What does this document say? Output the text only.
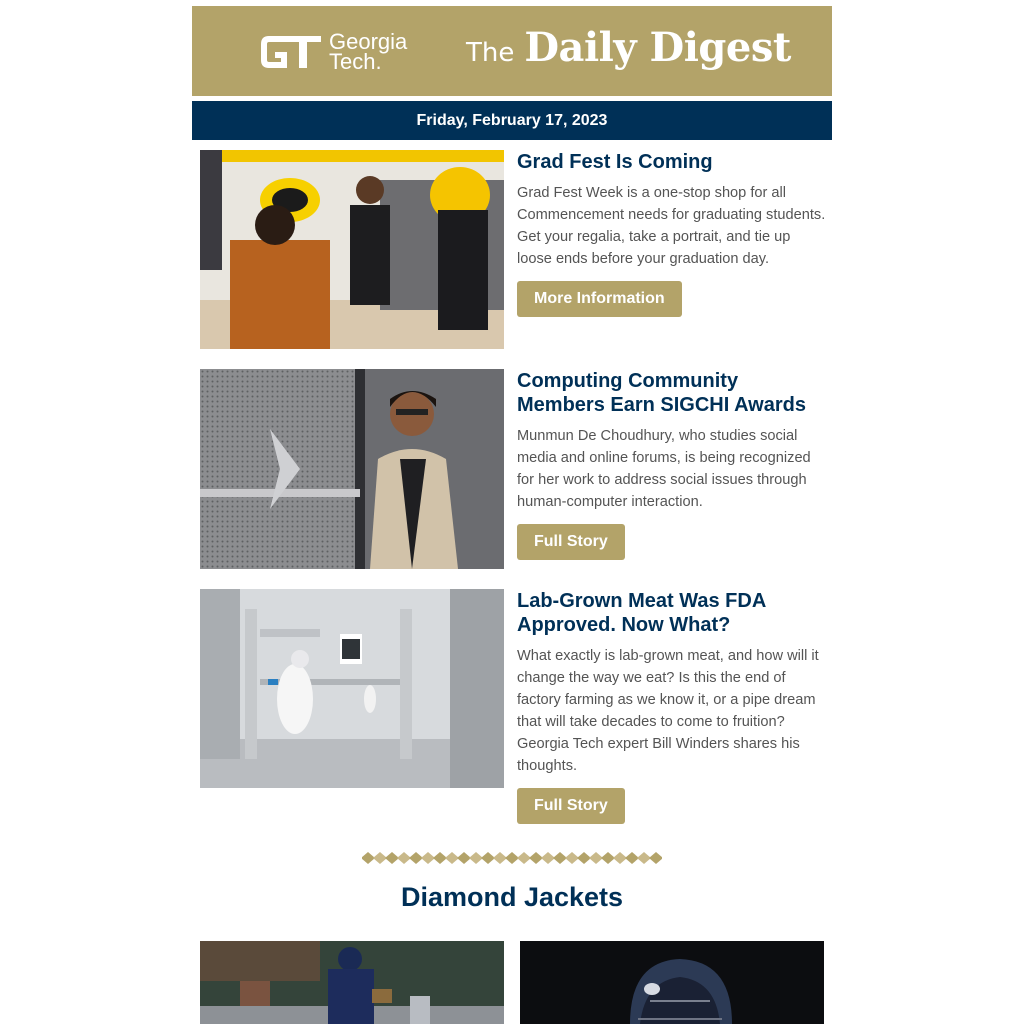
Georgia
Tech.	The Daily Digest
Friday, February 17, 2023
Grad Fest Is Coming

Grad Fest Week is a one-stop shop for all Commencement needs for graduating students. Get your regalia, take a portrait, and tie up loose ends before your graduation day.

More Information
Computing Community Members Earn SIGCHI Awards

Munmun De Choudhury, who studies social media and online forums, is being recognized for her work to address social issues through human-computer interaction.

Full Story
Lab-Grown Meat Was FDA Approved. Now What?

What exactly is lab-grown meat, and how will it change the way we eat? Is this the end of factory farming as we know it, or a pipe dream that will take decades to come to fruition? Georgia Tech expert Bill Winders shares his thoughts.

Full Story
Diamond Jackets
